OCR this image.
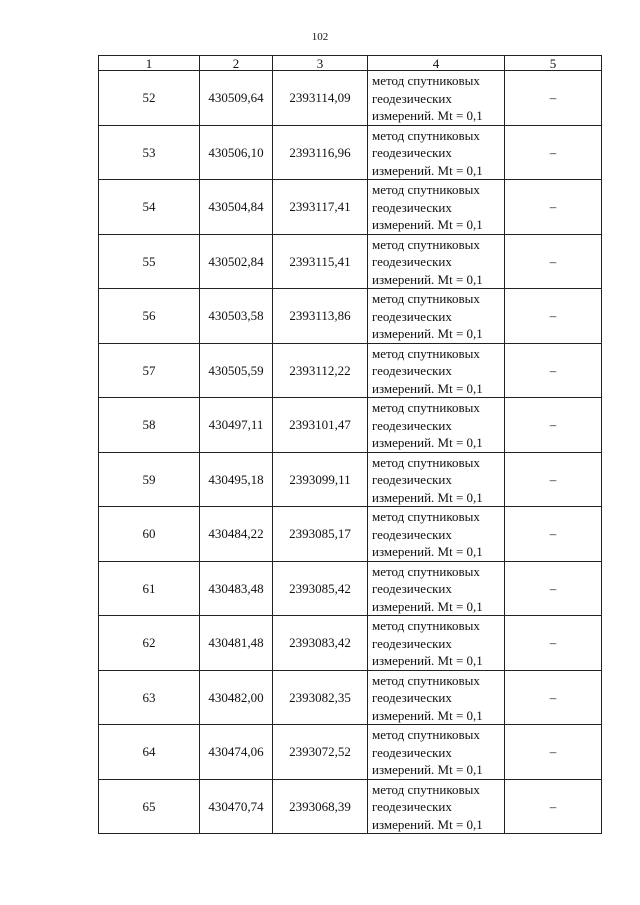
102
1	2	3	4	5
52	430509,64	2393114,09	метод спутниковых
геодезических
измерений. Mt = 0,1	–
53	430506,10	2393116,96	метод спутниковых
геодезических
измерений. Mt = 0,1	–
54	430504,84	2393117,41	метод спутниковых
геодезических
измерений. Mt = 0,1	–
55	430502,84	2393115,41	метод спутниковых
геодезических
измерений. Mt = 0,1	–
56	430503,58	2393113,86	метод спутниковых
геодезических
измерений. Mt = 0,1	–
57	430505,59	2393112,22	метод спутниковых
геодезических
измерений. Mt = 0,1	–
58	430497,11	2393101,47	метод спутниковых
геодезических
измерений. Mt = 0,1	–
59	430495,18	2393099,11	метод спутниковых
геодезических
измерений. Mt = 0,1	–
60	430484,22	2393085,17	метод спутниковых
геодезических
измерений. Mt = 0,1	–
61	430483,48	2393085,42	метод спутниковых
геодезических
измерений. Mt = 0,1	–
62	430481,48	2393083,42	метод спутниковых
геодезических
измерений. Mt = 0,1	–
63	430482,00	2393082,35	метод спутниковых
геодезических
измерений. Mt = 0,1	–
64	430474,06	2393072,52	метод спутниковых
геодезических
измерений. Mt = 0,1	–
65	430470,74	2393068,39	метод спутниковых
геодезических
измерений. Mt = 0,1	–
